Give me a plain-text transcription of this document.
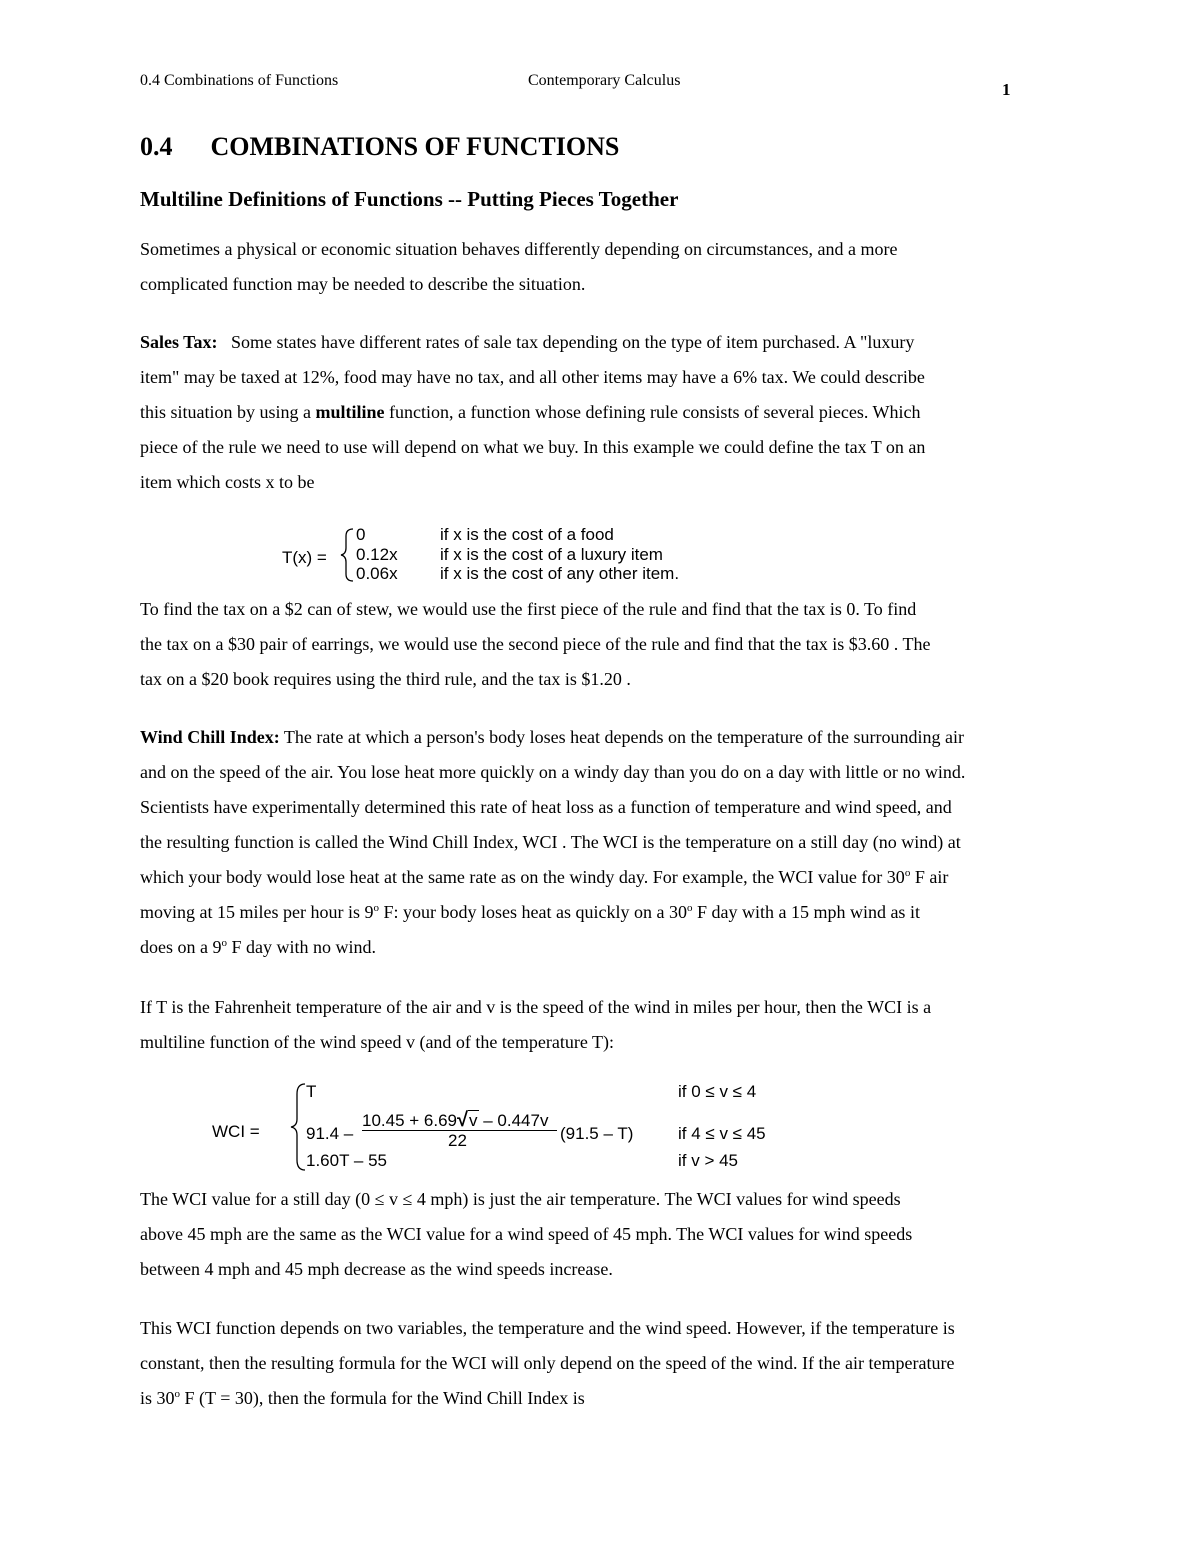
0.4 Combinations of Functions	Contemporary Calculus	1
0.4 COMBINATIONS OF FUNCTIONS
Multiline Definitions of Functions -- Putting Pieces Together
Sometimes a physical or economic situation behaves differently depending on circumstances, and a more
complicated function may be needed to describe the situation.
Sales Tax: Some states have different rates of sale tax depending on the type of item purchased. A "luxury
item" may be taxed at 12%, food may have no tax, and all other items may have a 6% tax. We could describe
this situation by using a multiline function, a function whose defining rule consists of several pieces. Which
piece of the rule we need to use will depend on what we buy. In this example we could define the tax T on an
item which costs x to be
T(x) =
0	if x is the cost of a food
0.12x if x is the cost of a luxury item
0.06x if x is the cost of any other item.
To find the tax on a $2 can of stew, we would use the first piece of the rule and find that the tax is 0. To find
the tax on a $30 pair of earrings, we would use the second piece of the rule and find that the tax is $3.60 . The
tax on a $20 book requires using the third rule, and the tax is $1.20 .
Wind Chill Index: The rate at which a person's body loses heat depends on the temperature of the surrounding air
and on the speed of the air. You lose heat more quickly on a windy day than you do on a day with little or no wind.
Scientists have experimentally determined this rate of heat loss as a function of temperature and wind speed, and
the resulting function is called the Wind Chill Index, WCI . The WCI is the temperature on a still day (no wind) at
which your body would lose heat at the same rate as on the windy day. For example, the WCI value for 30$^o$ F air
moving at 15 miles per hour is 9$^o$ F: your body loses heat as quickly on a 30$^o$ F day with a 15 mph wind as it
does on a 9$^o$ F day with no wind.
If T is the Fahrenheit temperature of the air and v is the speed of the wind in miles per hour, then the WCI is a
multiline function of the wind speed v (and of the temperature T):
WCI =
T	if 0 ≤ v ≤ 4
91.4 –
10.45 + 6.69√v – 0.447v
22	(91.5 – T)	if 4 ≤ v ≤ 45
1.60T – 55	if v > 45
The WCI value for a still day (0 ≤ v ≤ 4 mph) is just the air temperature. The WCI values for wind speeds
above 45 mph are the same as the WCI value for a wind speed of 45 mph. The WCI values for wind speeds
between 4 mph and 45 mph decrease as the wind speeds increase.
This WCI function depends on two variables, the temperature and the wind speed. However, if the temperature is
constant, then the resulting formula for the WCI will only depend on the speed of the wind. If the air temperature
is 30$^o$ F (T = 30), then the formula for the Wind Chill Index is
